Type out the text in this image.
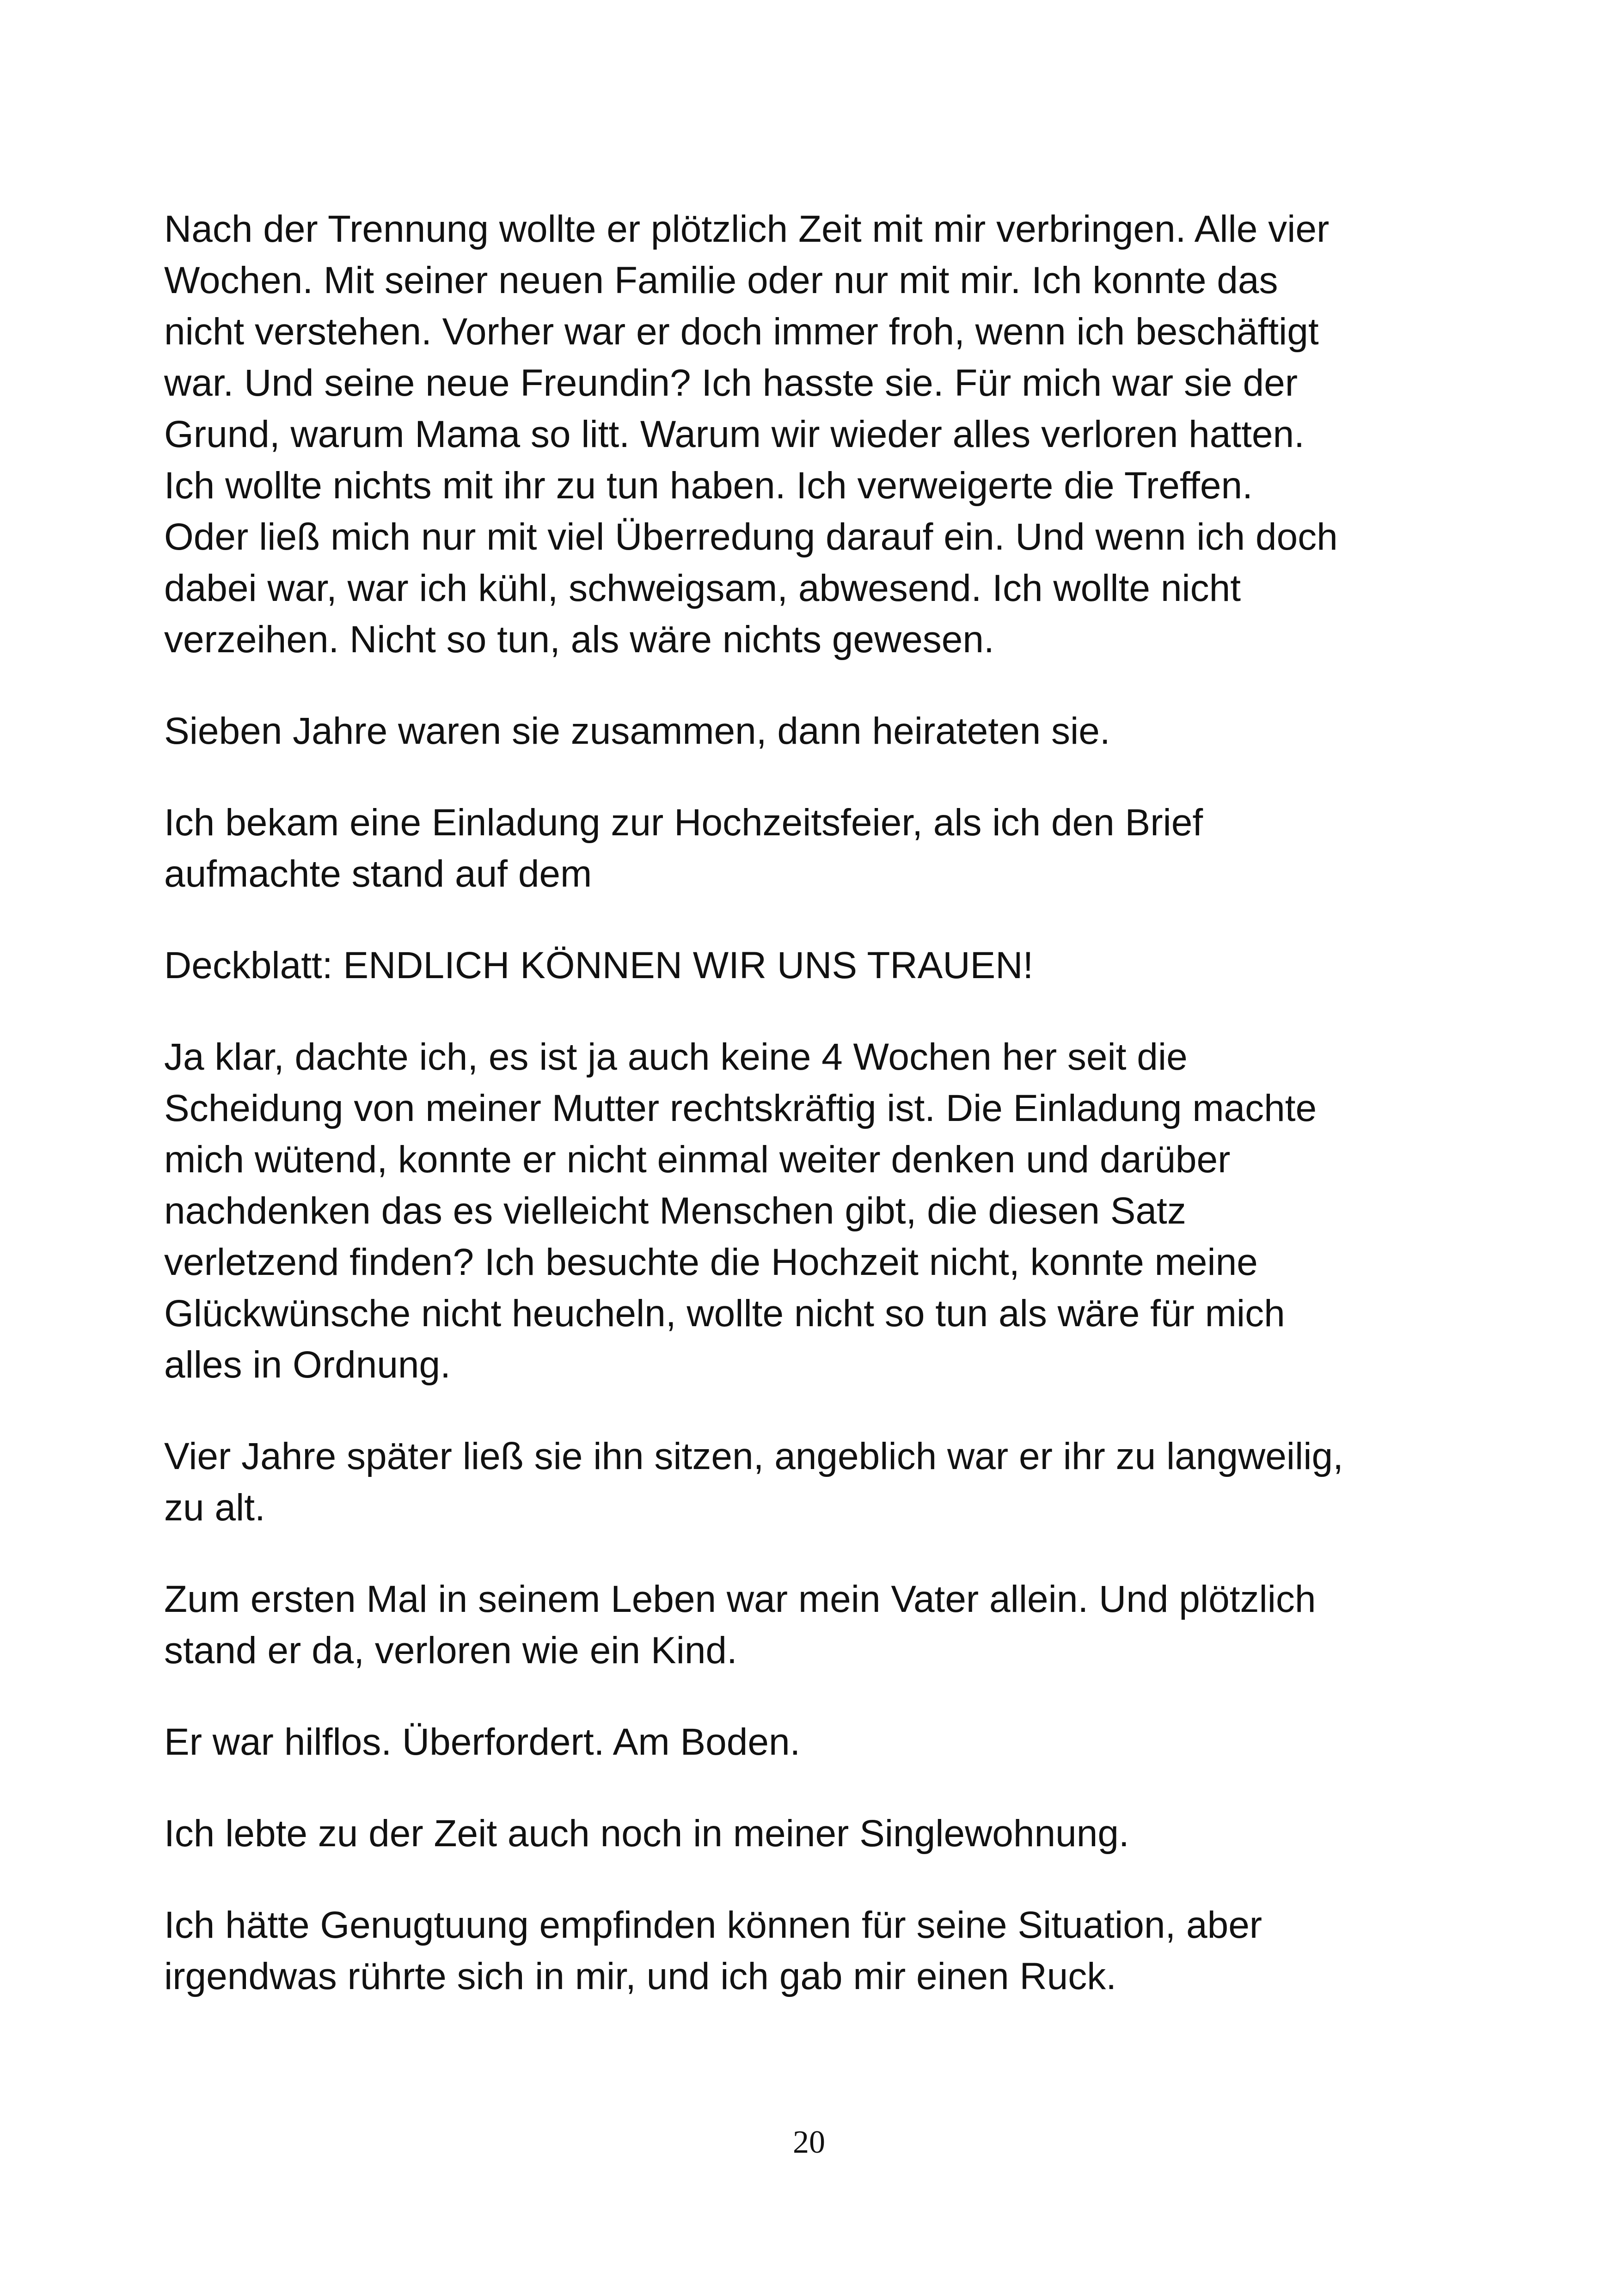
Nach der Trennung wollte er plötzlich Zeit mit mir verbringen. Alle vier
Wochen. Mit seiner neuen Familie oder nur mit mir. Ich konnte das
nicht verstehen. Vorher war er doch immer froh, wenn ich beschäftigt
war. Und seine neue Freundin? Ich hasste sie. Für mich war sie der
Grund, warum Mama so litt. Warum wir wieder alles verloren hatten.
Ich wollte nichts mit ihr zu tun haben. Ich verweigerte die Treffen.
Oder ließ mich nur mit viel Überredung darauf ein. Und wenn ich doch
dabei war, war ich kühl, schweigsam, abwesend. Ich wollte nicht
verzeihen. Nicht so tun, als wäre nichts gewesen.

Sieben Jahre waren sie zusammen, dann heirateten sie.

Ich bekam eine Einladung zur Hochzeitsfeier, als ich den Brief
aufmachte stand auf dem

Deckblatt: ENDLICH KÖNNEN WIR UNS TRAUEN!

Ja klar, dachte ich, es ist ja auch keine 4 Wochen her seit die
Scheidung von meiner Mutter rechtskräftig ist. Die Einladung machte
mich wütend, konnte er nicht einmal weiter denken und darüber
nachdenken das es vielleicht Menschen gibt, die diesen Satz
verletzend finden? Ich besuchte die Hochzeit nicht, konnte meine
Glückwünsche nicht heucheln, wollte nicht so tun als wäre für mich
alles in Ordnung.

Vier Jahre später ließ sie ihn sitzen, angeblich war er ihr zu langweilig,
zu alt.

Zum ersten Mal in seinem Leben war mein Vater allein. Und plötzlich
stand er da, verloren wie ein Kind.

Er war hilflos. Überfordert. Am Boden.

Ich lebte zu der Zeit auch noch in meiner Singlewohnung.

Ich hätte Genugtuung empfinden können für seine Situation, aber
irgendwas rührte sich in mir, und ich gab mir einen Ruck.

20
